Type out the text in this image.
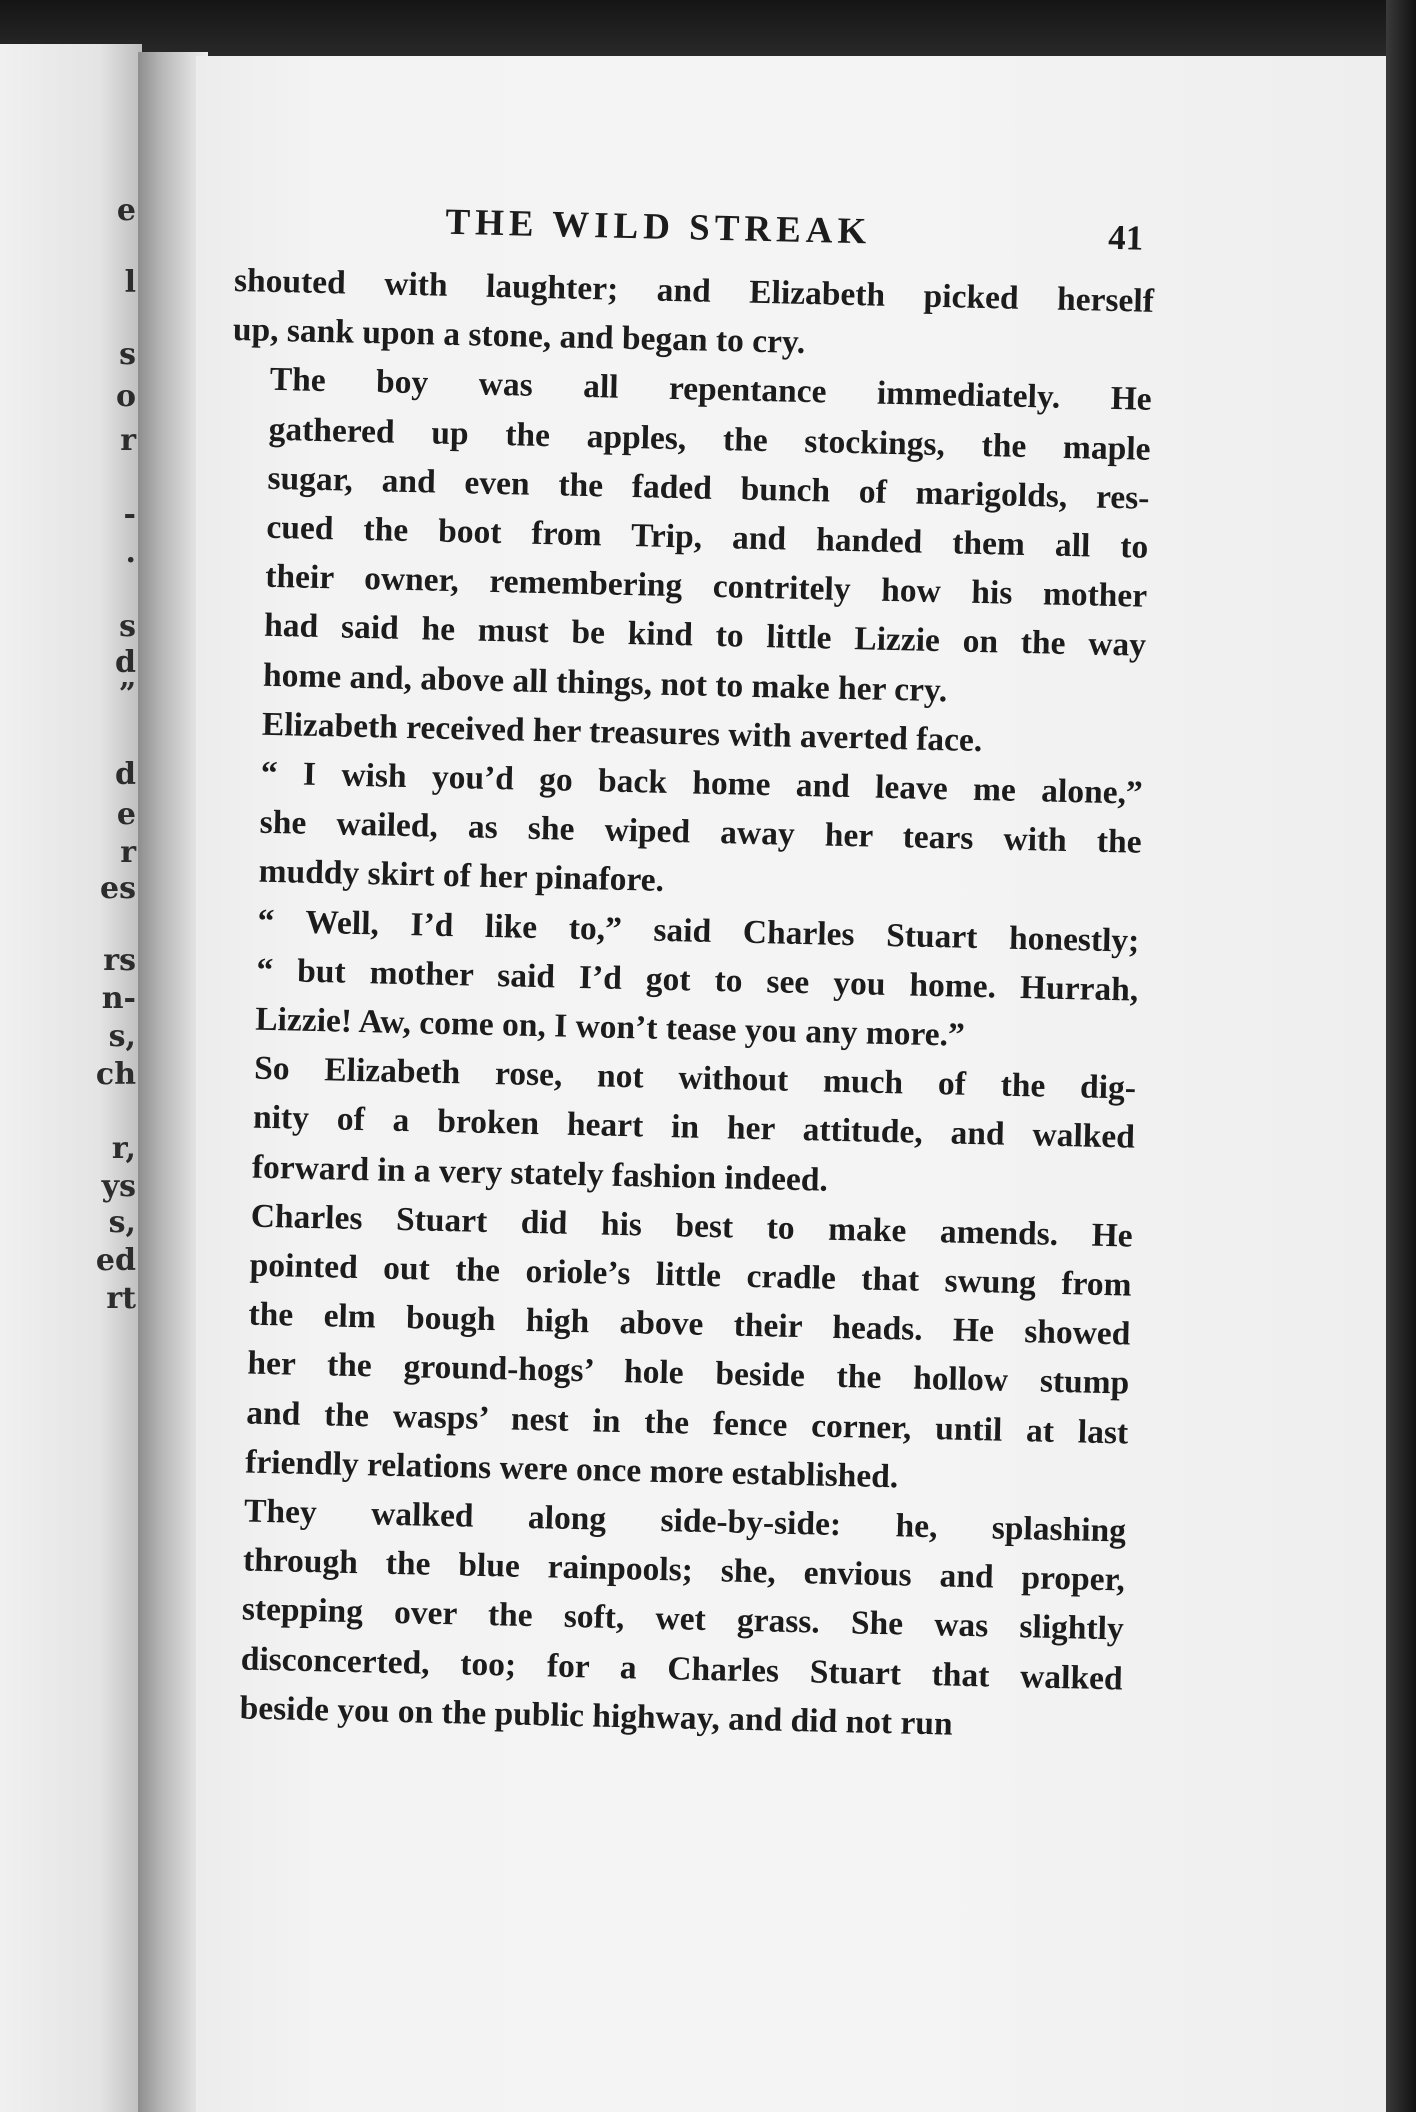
e
l
s
o
r
-
.
s
d
”
d
e
r
es
rs
n-
s,
ch
r,
ys
s,
ed
rt
THE WILD STREAK	41

shouted with laughter; and Elizabeth picked herself
up, sank upon a stone, and began to cry.

The boy was all repentance immediately. He
gathered up the apples, the stockings, the maple
sugar, and even the faded bunch of marigolds, res-
cued the boot from Trip, and handed them all to
their owner, remembering contritely how his mother
had said he must be kind to little Lizzie on the way
home and, above all things, not to make her cry.

Elizabeth received her treasures with averted face.

“ I wish you’d go back home and leave me alone,”
she wailed, as she wiped away her tears with the
muddy skirt of her pinafore.

“ Well, I’d like to,” said Charles Stuart honestly;
“ but mother said I’d got to see you home. Hurrah,
Lizzie! Aw, come on, I won’t tease you any more.”

So Elizabeth rose, not without much of the dig-
nity of a broken heart in her attitude, and walked
forward in a very stately fashion indeed.

Charles Stuart did his best to make amends. He
pointed out the oriole’s little cradle that swung from
the elm bough high above their heads. He showed
her the ground-hogs’ hole beside the hollow stump
and the wasps’ nest in the fence corner, until at last
friendly relations were once more established.

They walked along side-by-side: he, splashing
through the blue rainpools; she, envious and proper,
stepping over the soft, wet grass. She was slightly
disconcerted, too; for a Charles Stuart that walked
beside you on the public highway, and did not run
